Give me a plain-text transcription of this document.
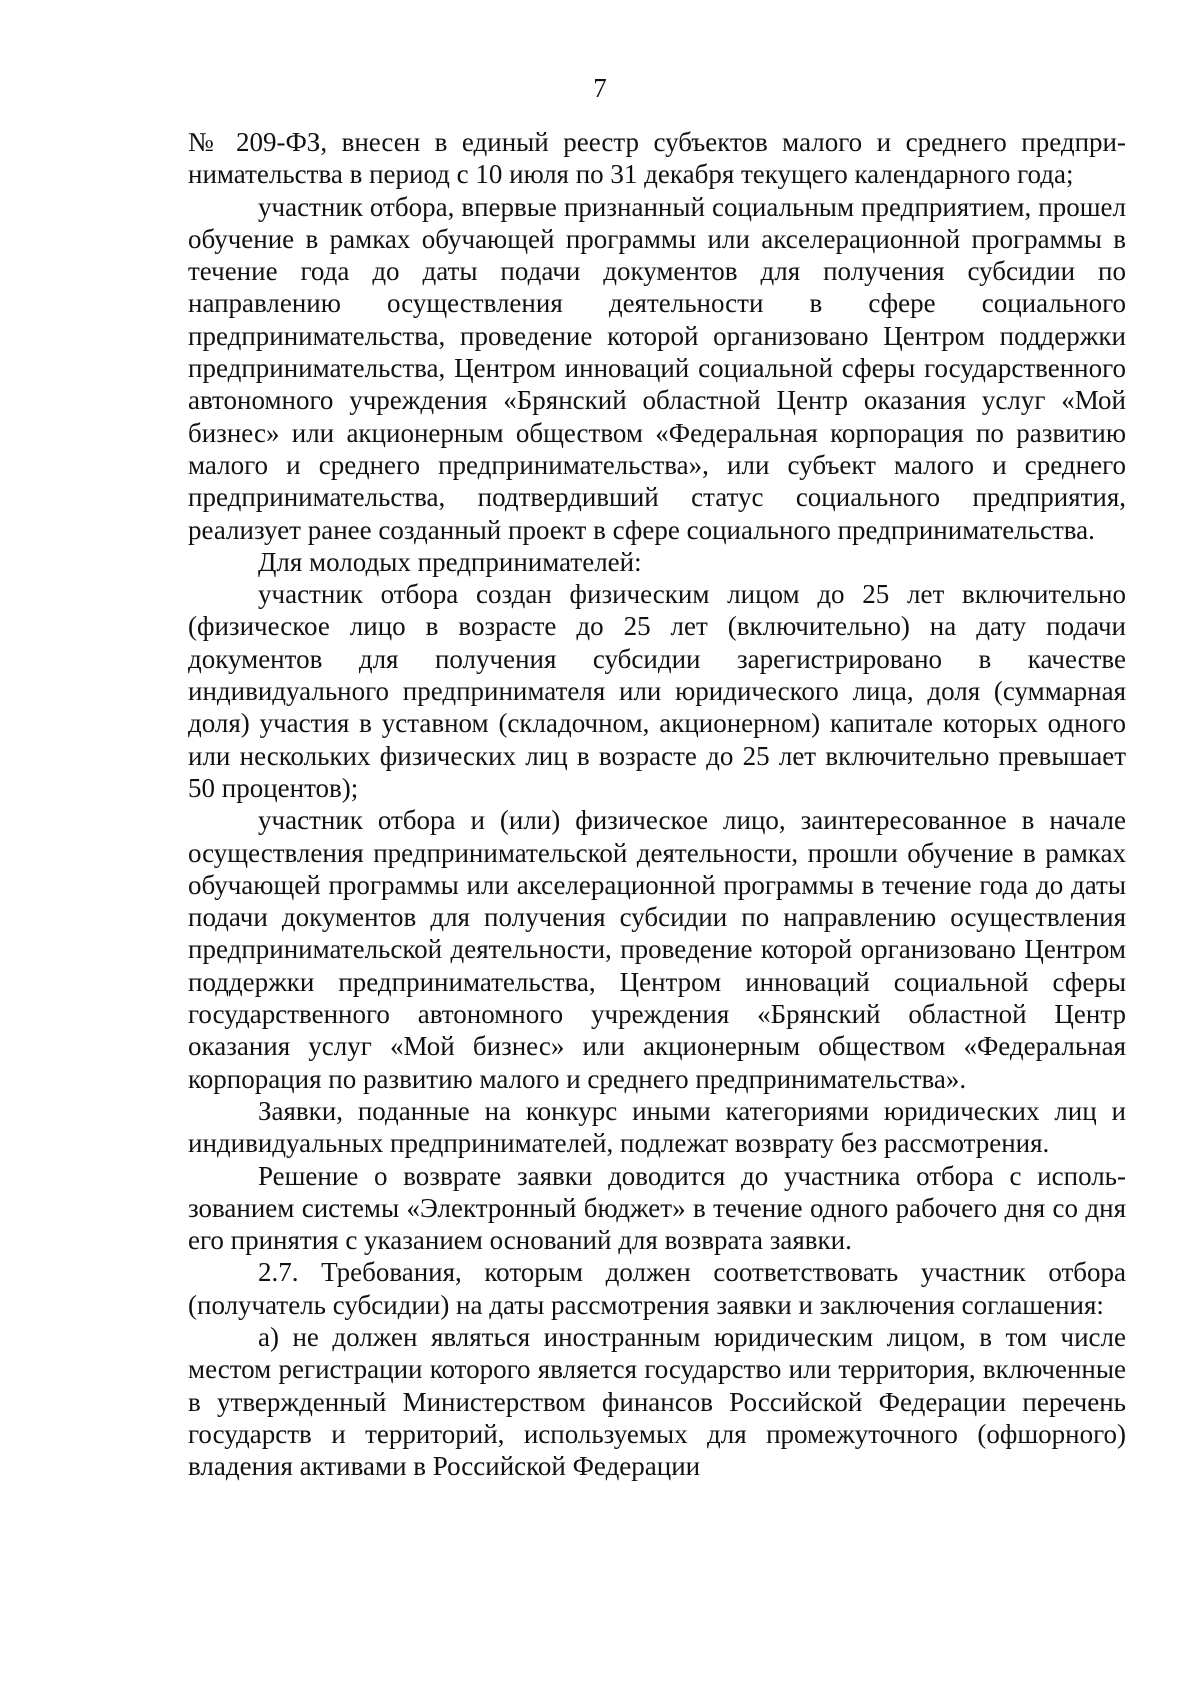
7

№ 209-ФЗ, внесен в единый реестр субъектов малого и среднего предпринимательства в период с 10 июля по 31 декабря текущего календарного года;

участник отбора, впервые признанный социальным предприятием, прошел обучение в рамках обучающей программы или акселерационной программы в течение года до даты подачи документов для получения субсидии по направлению осуществления деятельности в сфере социального предпринимательства, проведение которой организовано Центром поддержки предпринимательства, Центром инноваций социальной сферы государственного автономного учреждения «Брянский областной Центр оказания услуг «Мой бизнес» или акционерным обществом «Федеральная корпорация по развитию малого и среднего предпринимательства», или субъект малого и среднего предпринимательства, подтвердивший статус социального предприятия, реализует ранее созданный проект в сфере социального предпринимательства.

Для молодых предпринимателей:

участник отбора создан физическим лицом до 25 лет включительно (физическое лицо в возрасте до 25 лет (включительно) на дату подачи документов для получения субсидии зарегистрировано в качестве индивидуального предпринимателя или юридического лица, доля (суммарная доля) участия в уставном (складочном, акционерном) капитале которых одного или нескольких физических лиц в возрасте до 25 лет включительно превышает 50 процентов);

участник отбора и (или) физическое лицо, заинтересованное в начале осуществления предпринимательской деятельности, прошли обучение в рамках обучающей программы или акселерационной программы в течение года до даты подачи документов для получения субсидии по направлению осуществления предпринимательской деятельности, проведение которой организовано Центром поддержки предпринимательства, Центром инноваций социальной сферы государственного автономного учреждения «Брянский областной Центр оказания услуг «Мой бизнес» или акционерным обществом «Федеральная корпорация по развитию малого и среднего предпринимательства».

Заявки, поданные на конкурс иными категориями юридических лиц и индивидуальных предпринимателей, подлежат возврату без рассмотрения.

Решение о возврате заявки доводится до участника отбора с использованием системы «Электронный бюджет» в течение одного рабочего дня со дня его принятия с указанием оснований для возврата заявки.

2.7. Требования, которым должен соответствовать участник отбора (получатель субсидии) на даты рассмотрения заявки и заключения соглашения:

а) не должен являться иностранным юридическим лицом, в том числе местом регистрации которого является государство или территория, включенные в утвержденный Министерством финансов Российской Федерации перечень государств и территорий, используемых для промежуточного (офшорного) владения активами в Российской Федерации
